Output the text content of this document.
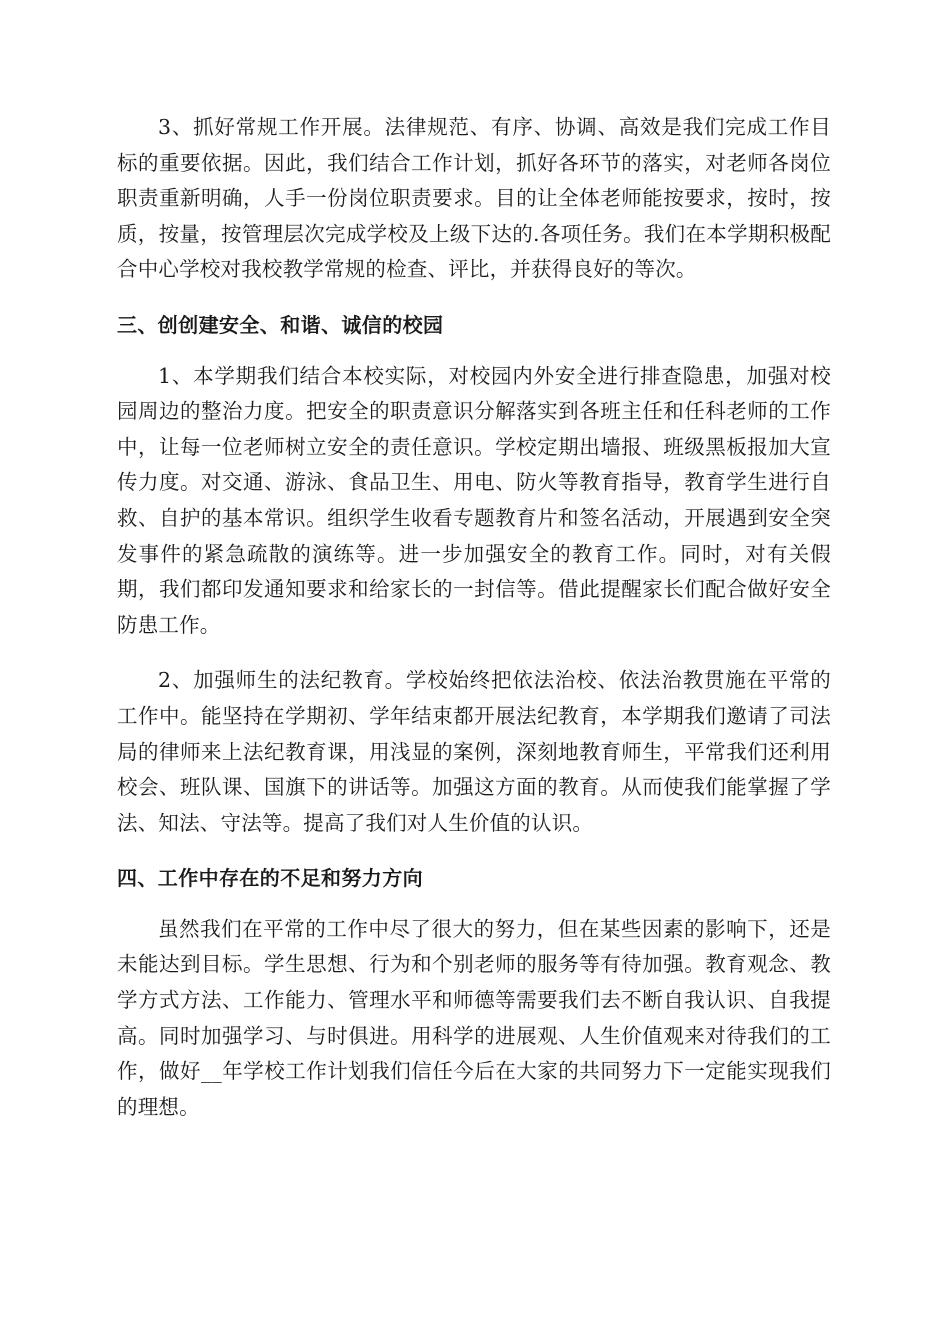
3、抓好常规工作开展。法律规范、有序、协调、高效是我们完成工作目标的重要依据。因此，我们结合工作计划，抓好各环节的落实，对老师各岗位职责重新明确，人手一份岗位职责要求。目的让全体老师能按要求，按时，按质，按量，按管理层次完成学校及上级下达的.各项任务。我们在本学期积极配合中心学校对我校教学常规的检查、评比，并获得良好的等次。

三、创创建安全、和谐、诚信的校园

1、本学期我们结合本校实际，对校园内外安全进行排查隐患，加强对校园周边的整治力度。把安全的职责意识分解落实到各班主任和任科老师的工作中，让每一位老师树立安全的责任意识。学校定期出墙报、班级黑板报加大宣传力度。对交通、游泳、食品卫生、用电、防火等教育指导，教育学生进行自救、自护的基本常识。组织学生收看专题教育片和签名活动，开展遇到安全突发事件的紧急疏散的演练等。进一步加强安全的教育工作。同时，对有关假期，我们都印发通知要求和给家长的一封信等。借此提醒家长们配合做好安全防患工作。

2、加强师生的法纪教育。学校始终把依法治校、依法治教贯施在平常的工作中。能坚持在学期初、学年结束都开展法纪教育，本学期我们邀请了司法局的律师来上法纪教育课，用浅显的案例，深刻地教育师生，平常我们还利用校会、班队课、国旗下的讲话等。加强这方面的教育。从而使我们能掌握了学法、知法、守法等。提高了我们对人生价值的认识。

四、工作中存在的不足和努力方向

虽然我们在平常的工作中尽了很大的努力，但在某些因素的影响下，还是未能达到目标。学生思想、行为和个别老师的服务等有待加强。教育观念、教学方式方法、工作能力、管理水平和师德等需要我们去不断自我认识、自我提高。同时加强学习、与时俱进。用科学的进展观、人生价值观来对待我们的工作，做好__年学校工作计划我们信任今后在大家的共同努力下一定能实现我们的理想。
